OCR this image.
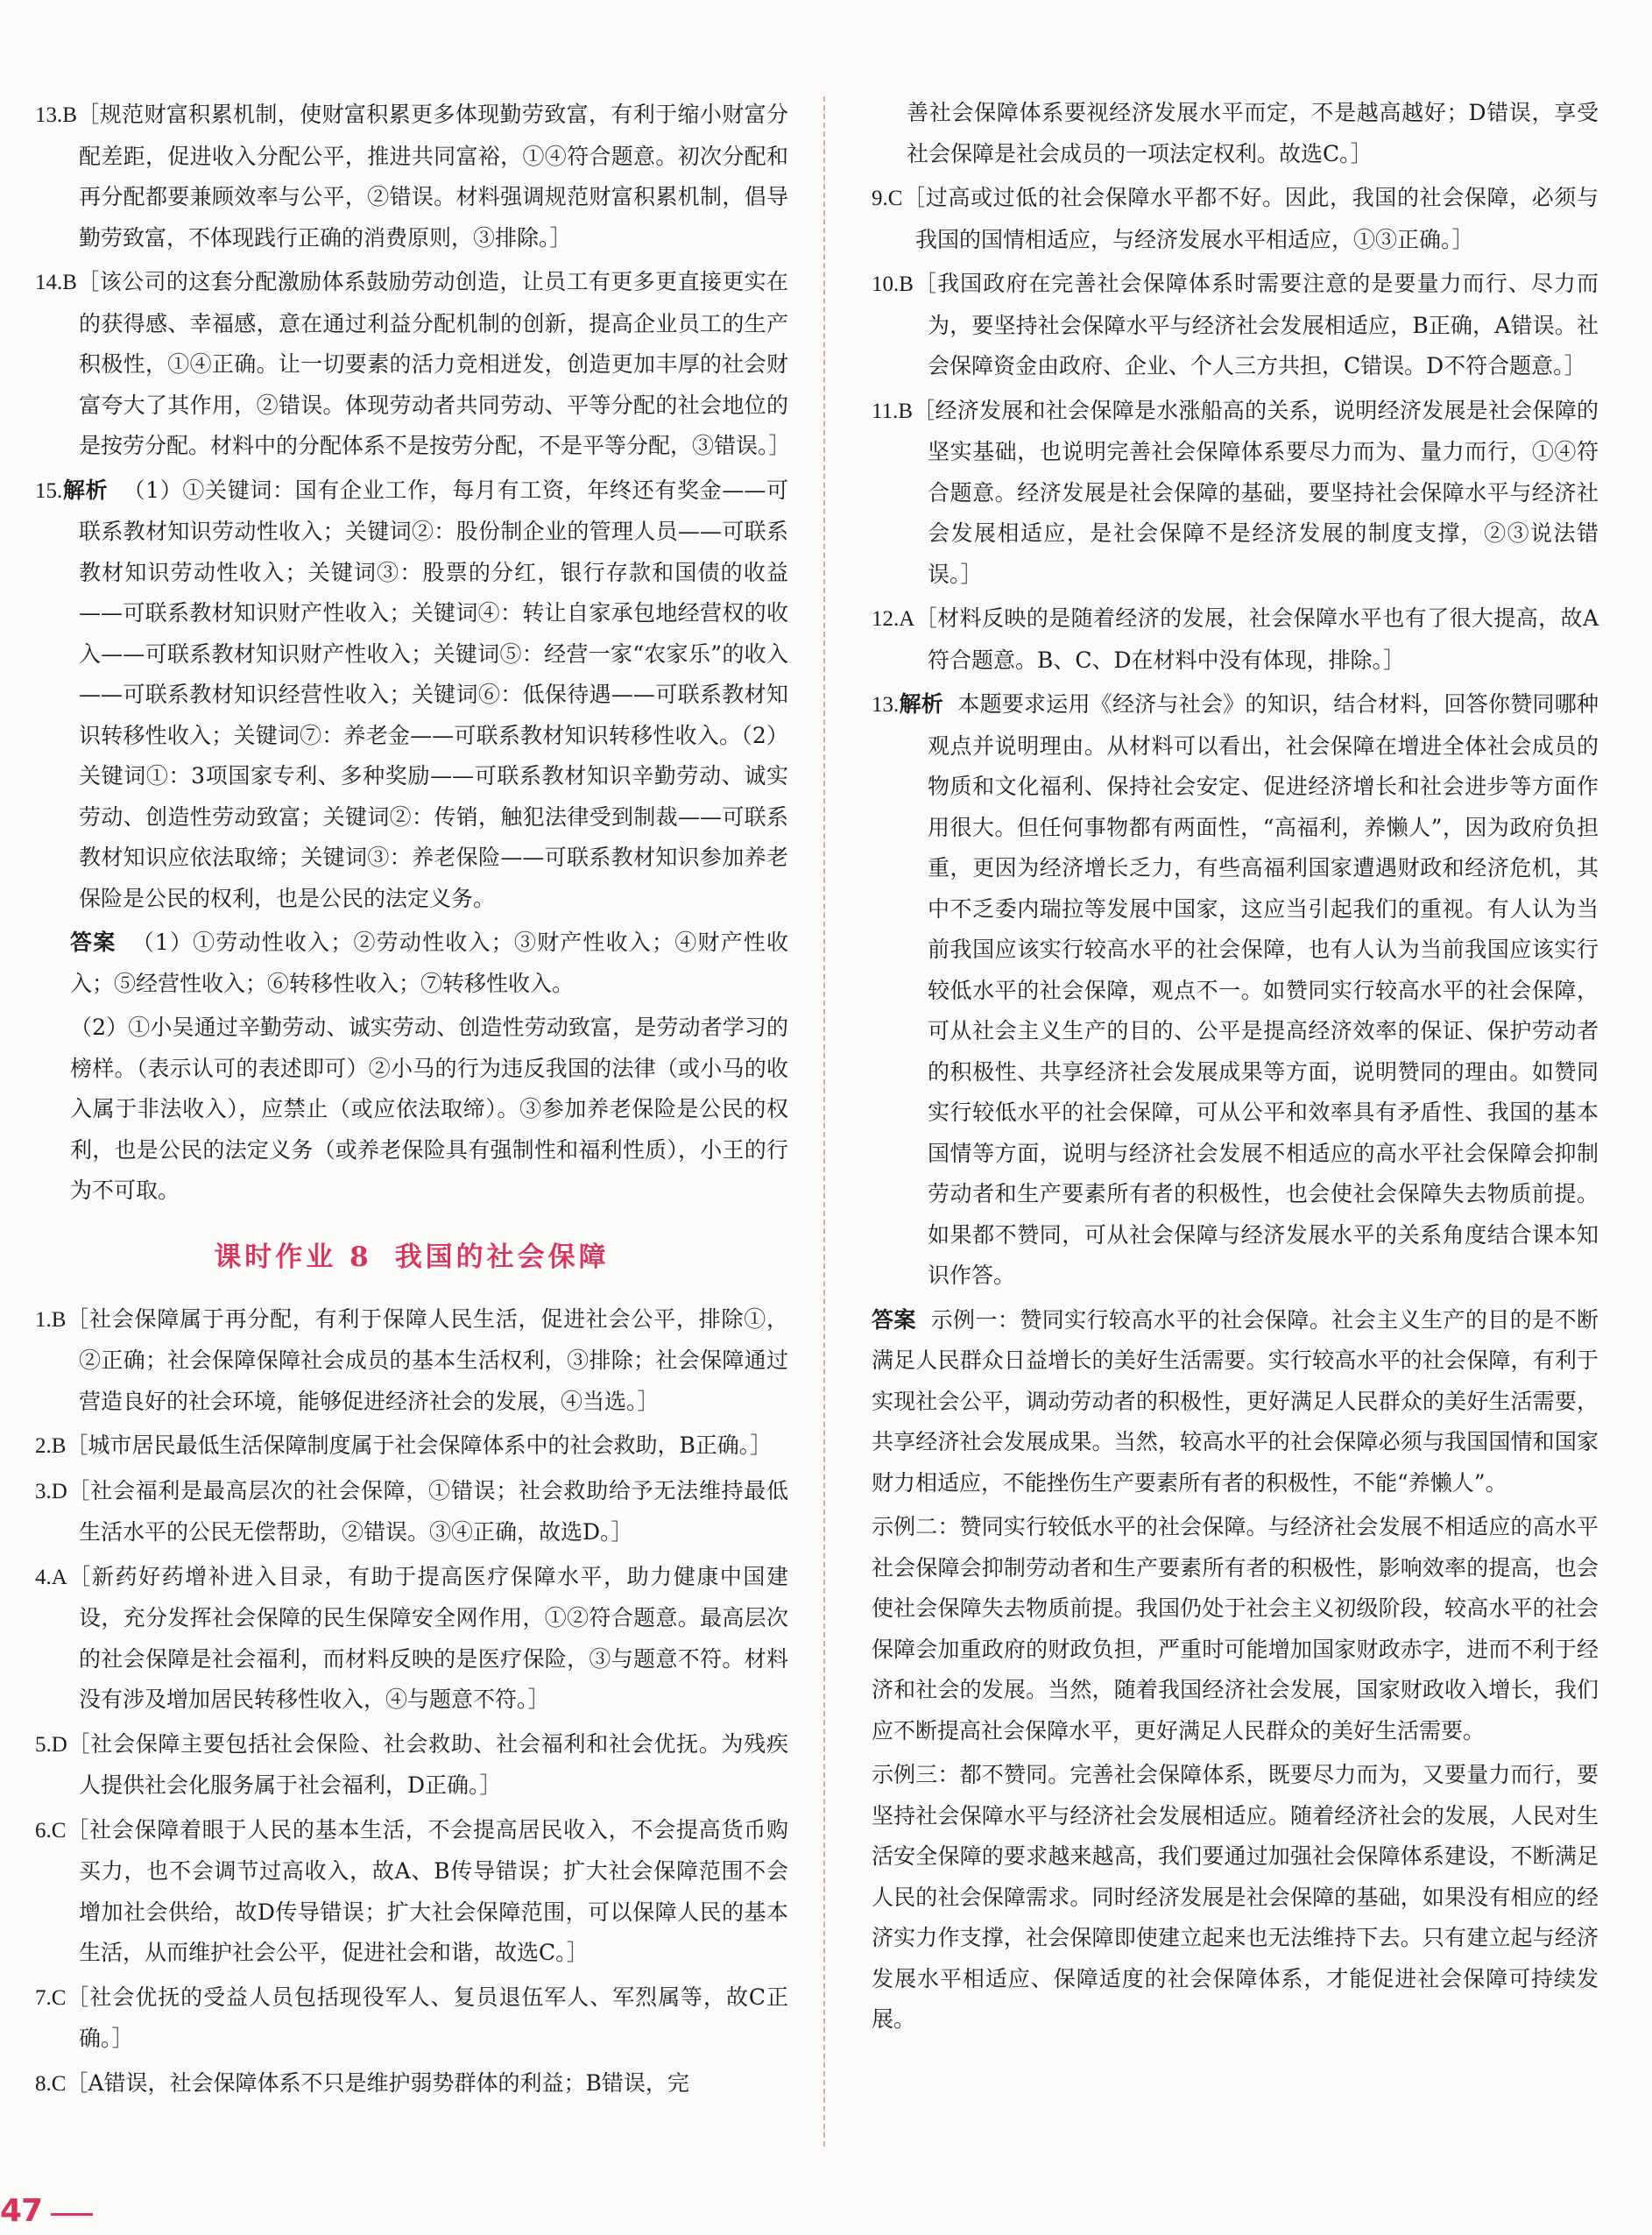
13.B［规范财富积累机制，使财富积累更多体现勤劳致富，有利于缩小财富分配差距，促进收入分配公平，推进共同富裕，①④符合题意。初次分配和再分配都要兼顾效率与公平，②错误。材料强调规范财富积累机制，倡导勤劳致富，不体现践行正确的消费原则，③排除。］
14.B［该公司的这套分配激励体系鼓励劳动创造，让员工有更多更直接更实在的获得感、幸福感，意在通过利益分配机制的创新，提高企业员工的生产积极性，①④正确。让一切要素的活力竞相迸发，创造更加丰厚的社会财富夸大了其作用，②错误。体现劳动者共同劳动、平等分配的社会地位的是按劳分配。材料中的分配体系不是按劳分配，不是平等分配，③错误。］
15.解析 （1）①关键词：国有企业工作，每月有工资，年终还有奖金——可联系教材知识劳动性收入；关键词②：股份制企业的管理人员——可联系教材知识劳动性收入；关键词③：股票的分红，银行存款和国债的收益——可联系教材知识财产性收入；关键词④：转让自家承包地经营权的收入——可联系教材知识财产性收入；关键词⑤：经营一家“农家乐”的收入——可联系教材知识经营性收入；关键词⑥：低保待遇——可联系教材知识转移性收入；关键词⑦：养老金——可联系教材知识转移性收入。（2）关键词①：3项国家专利、多种奖励——可联系教材知识辛勤劳动、诚实劳动、创造性劳动致富；关键词②：传销，触犯法律受到制裁——可联系教材知识应依法取缔；关键词③：养老保险——可联系教材知识参加养老保险是公民的权利，也是公民的法定义务。
答案 （1）①劳动性收入；②劳动性收入；③财产性收入；④财产性收入；⑤经营性收入；⑥转移性收入；⑦转移性收入。
（2）①小吴通过辛勤劳动、诚实劳动、创造性劳动致富，是劳动者学习的榜样。（表示认可的表述即可）②小马的行为违反我国的法律（或小马的收入属于非法收入），应禁止（或应依法取缔）。③参加养老保险是公民的权利，也是公民的法定义务（或养老保险具有强制性和福利性质），小王的行为不可取。
课时作业 8 我国的社会保障
1.B［社会保障属于再分配，有利于保障人民生活，促进社会公平，排除①，②正确；社会保障保障社会成员的基本生活权利，③排除；社会保障通过营造良好的社会环境，能够促进经济社会的发展，④当选。］
2.B［城市居民最低生活保障制度属于社会保障体系中的社会救助，B正确。］
3.D［社会福利是最高层次的社会保障，①错误；社会救助给予无法维持最低生活水平的公民无偿帮助，②错误。③④正确，故选D。］
4.A［新药好药增补进入目录，有助于提高医疗保障水平，助力健康中国建设，充分发挥社会保障的民生保障安全网作用，①②符合题意。最高层次的社会保障是社会福利，而材料反映的是医疗保险，③与题意不符。材料没有涉及增加居民转移性收入，④与题意不符。］
5.D［社会保障主要包括社会保险、社会救助、社会福利和社会优抚。为残疾人提供社会化服务属于社会福利，D正确。］
6.C［社会保障着眼于人民的基本生活，不会提高居民收入，不会提高货币购买力，也不会调节过高收入，故A、B传导错误；扩大社会保障范围不会增加社会供给，故D传导错误；扩大社会保障范围，可以保障人民的基本生活，从而维护社会公平，促进社会和谐，故选C。］
7.C［社会优抚的受益人员包括现役军人、复员退伍军人、军烈属等，故C正确。］
8.C［A错误，社会保障体系不只是维护弱势群体的利益；B错误，完
善社会保障体系要视经济发展水平而定，不是越高越好；D错误，享受社会保障是社会成员的一项法定权利。故选C。］
9.C［过高或过低的社会保障水平都不好。因此，我国的社会保障，必须与我国的国情相适应，与经济发展水平相适应，①③正确。］
10.B［我国政府在完善社会保障体系时需要注意的是要量力而行、尽力而为，要坚持社会保障水平与经济社会发展相适应，B正确，A错误。社会保障资金由政府、企业、个人三方共担，C错误。D不符合题意。］
11.B［经济发展和社会保障是水涨船高的关系，说明经济发展是社会保障的坚实基础，也说明完善社会保障体系要尽力而为、量力而行，①④符合题意。经济发展是社会保障的基础，要坚持社会保障水平与经济社会发展相适应，是社会保障不是经济发展的制度支撑，②③说法错误。］
12.A［材料反映的是随着经济的发展，社会保障水平也有了很大提高，故A符合题意。B、C、D在材料中没有体现，排除。］
13.解析 本题要求运用《经济与社会》的知识，结合材料，回答你赞同哪种观点并说明理由。从材料可以看出，社会保障在增进全体社会成员的物质和文化福利、保持社会安定、促进经济增长和社会进步等方面作用很大。但任何事物都有两面性，“高福利，养懒人”，因为政府负担重，更因为经济增长乏力，有些高福利国家遭遇财政和经济危机，其中不乏委内瑞拉等发展中国家，这应当引起我们的重视。有人认为当前我国应该实行较高水平的社会保障，也有人认为当前我国应该实行较低水平的社会保障，观点不一。如赞同实行较高水平的社会保障，可从社会主义生产的目的、公平是提高经济效率的保证、保护劳动者的积极性、共享经济社会发展成果等方面，说明赞同的理由。如赞同实行较低水平的社会保障，可从公平和效率具有矛盾性、我国的基本国情等方面，说明与经济社会发展不相适应的高水平社会保障会抑制劳动者和生产要素所有者的积极性，也会使社会保障失去物质前提。如果都不赞同，可从社会保障与经济发展水平的关系角度结合课本知识作答。
答案 示例一：赞同实行较高水平的社会保障。社会主义生产的目的是不断满足人民群众日益增长的美好生活需要。实行较高水平的社会保障，有利于实现社会公平，调动劳动者的积极性，更好满足人民群众的美好生活需要，共享经济社会发展成果。当然，较高水平的社会保障必须与我国国情和国家财力相适应，不能挫伤生产要素所有者的积极性，不能“养懒人”。
示例二：赞同实行较低水平的社会保障。与经济社会发展不相适应的高水平社会保障会抑制劳动者和生产要素所有者的积极性，影响效率的提高，也会使社会保障失去物质前提。我国仍处于社会主义初级阶段，较高水平的社会保障会加重政府的财政负担，严重时可能增加国家财政赤字，进而不利于经济和社会的发展。当然，随着我国经济社会发展，国家财政收入增长，我们应不断提高社会保障水平，更好满足人民群众的美好生活需要。
示例三：都不赞同。完善社会保障体系，既要尽力而为，又要量力而行，要坚持社会保障水平与经济社会发展相适应。随着经济社会的发展，人民对生活安全保障的要求越来越高，我们要通过加强社会保障体系建设，不断满足人民的社会保障需求。同时经济发展是社会保障的基础，如果没有相应的经济实力作支撑，社会保障即使建立起来也无法维持下去。只有建立起与经济发展水平相适应、保障适度的社会保障体系，才能促进社会保障可持续发展。
47
